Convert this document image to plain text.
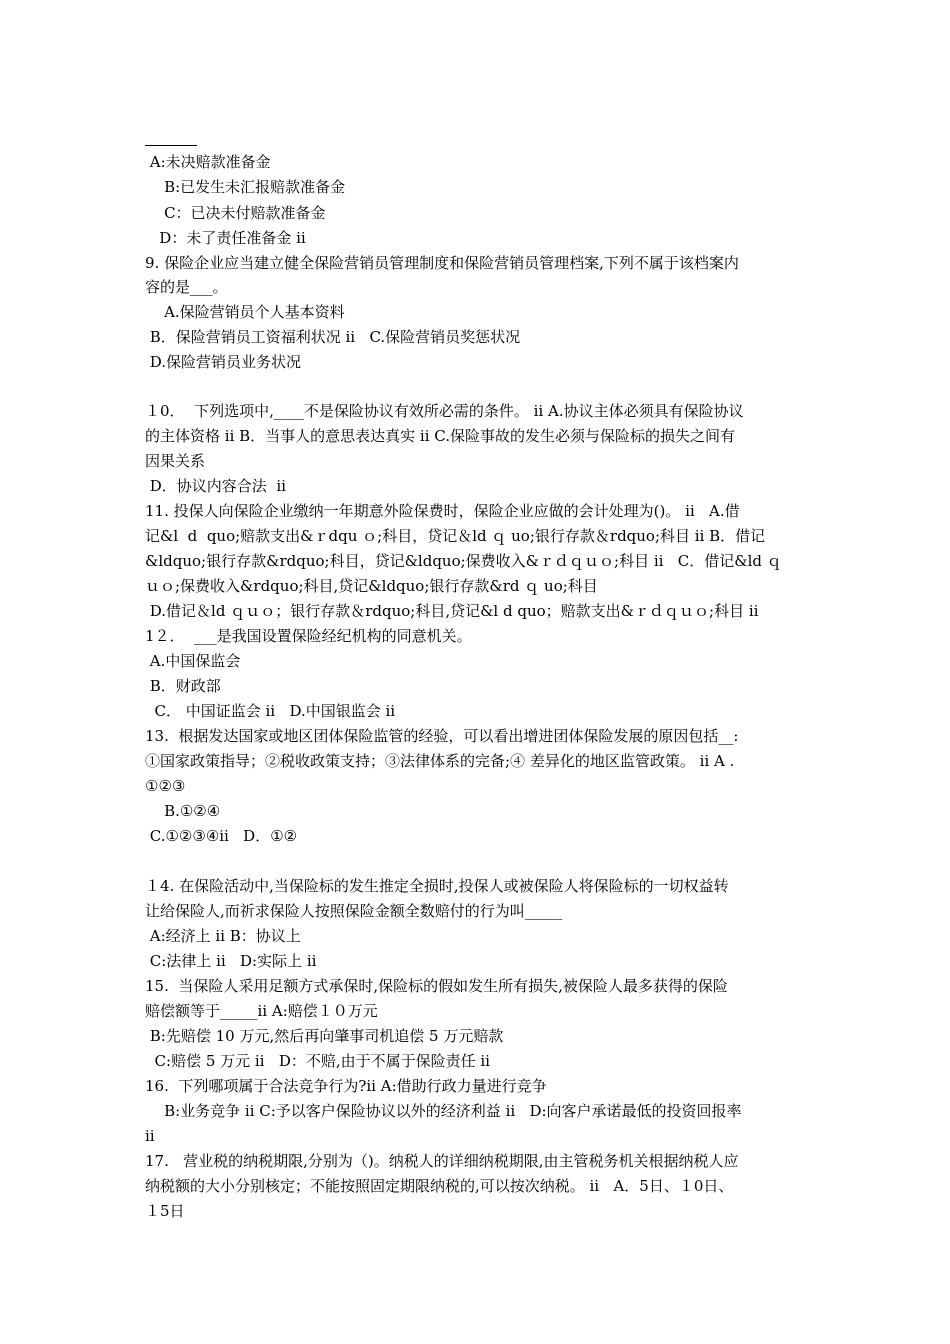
A:未决赔款准备金
B:已发生未汇报赔款准备金
C：已决未付赔款准备金
D：未了责任准备金 ⅱ
9. 保险企业应当建立健全保险营销员管理制度和保险营销员管理档案,下列不属于该档案内
容的是___。
A.保险营销员个人基本资料
B．保险营销员工资福利状况 ⅱ   C.保险营销员奖惩状况
D.保险营销员业务状况
１0．  下列选项中,____不是保险协议有效所必需的条件。 ⅱ A.协议主体必须具有保险协议
的主体资格 ⅱ B．当事人的意思表达真实 ⅱ C.保险事故的发生必须与保险标的损失之间有
因果关系
D．协议内容合法  ⅱ
11. 投保人向保险企业缴纳一年期意外险保费时，保险企业应做的会计处理为()。 ⅱ   A.借
记&l  d  quo;赔款支出&ｒdqu ｏ;科目，贷记＆ld ｑ uo;银行存款＆rdquo;科目 ⅱ B．借记
&ldquo;银行存款&rdquo;科目，贷记&ldquo;保费收入&ｒｄｑｕｏ;科目 ⅱ   C．借记&ld ｑ
ｕｏ;保费收入&rdquo;科目,贷记&ldquo;银行存款&rd ｑ uo;科目
D.借记＆ld ｑｕｏ；银行存款＆rdquo;科目,贷记&l d quo；赔款支出&ｒｄｑｕｏ;科目 ⅱ
1２．  ___是我国设置保险经纪机构的同意机关。
A.中国保监会
B．财政部
C． 中国证监会 ⅱ   D.中国银监会 ⅱ
13.  根据发达国家或地区团体保险监管的经验，可以看出增进团体保险发展的原因包括__:
①国家政策指导；②税收政策支持；③法律体系的完备;④ 差异化的地区监管政策。 ⅱ A .
①②③
B.①②④
C.①②③④ⅱ   D．①②
１4. 在保险活动中,当保险标的发生推定全损时,投保人或被保险人将保险标的一切权益转
让给保险人,而祈求保险人按照保险金额全数赔付的行为叫_____
A:经济上 ⅱ B：协议上
C:法律上 ⅱ   D:实际上 ⅱ
15.  当保险人采用足额方式承保时,保险标的假如发生所有损失,被保险人最多获得的保险
赔偿额等于_____ⅱ A:赔偿１０万元
B:先赔偿 10 万元,然后再向肇事司机追偿 5 万元赔款
C:赔偿 5 万元 ⅱ   D：不赔,由于不属于保险责任 ⅱ
16.  下列哪项属于合法竞争行为?ⅱ A:借助行政力量进行竞争
B:业务竞争 ⅱ C:予以客户保险协议以外的经济利益 ⅱ   D:向客户承诺最低的投资回报率
ⅱ
17.   营业税的纳税期限,分别为（)。纳税人的详细纳税期限,由主管税务机关根据纳税人应
纳税额的大小分别核定；不能按照固定期限纳税的,可以按次纳税。 ⅱ   A．5日、１0日、
１5日
